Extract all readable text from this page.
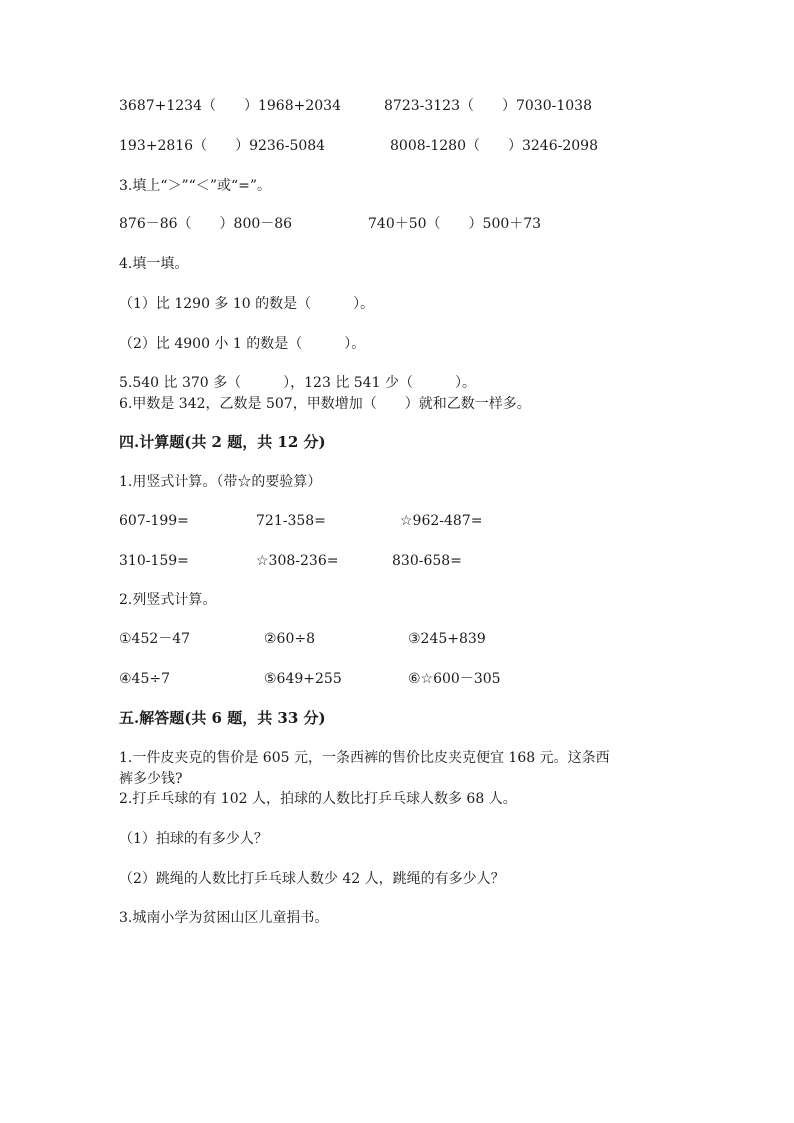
3687+1234（　　）1968+2034	8723-3123（　　）7030-1038
193+2816（　　）9236-5084	8008-1280（　　）3246-2098
3.填上“＞”“＜”或“=”。
876－86（　　）800－86	740＋50（　　）500＋73
4.填一填。
（1）比 1290 多 10 的数是（　　　）。
（2）比 4900 小 1 的数是（　　　）。
5.540 比 370 多（　　　），123 比 541 少（　　　）。
6.甲数是 342，乙数是 507，甲数增加（　　）就和乙数一样多。
四.计算题(共 2 题，共 12 分)
1.用竖式计算。（带☆的要验算）
607-199=	721-358=	☆962-487=
310-159=	☆308-236=	830-658=
2.列竖式计算。
①452－47	②60÷8	③245+839
④45÷7	⑤649+255	⑥☆600－305
五.解答题(共 6 题，共 33 分)
1.一件皮夹克的售价是 605 元，一条西裤的售价比皮夹克便宜 168 元。这条西
裤多少钱?
2.打乒乓球的有 102 人，拍球的人数比打乒乓球人数多 68 人。
（1）拍球的有多少人？
（2）跳绳的人数比打乒乓球人数少 42 人，跳绳的有多少人？
3.城南小学为贫困山区儿童捐书。
